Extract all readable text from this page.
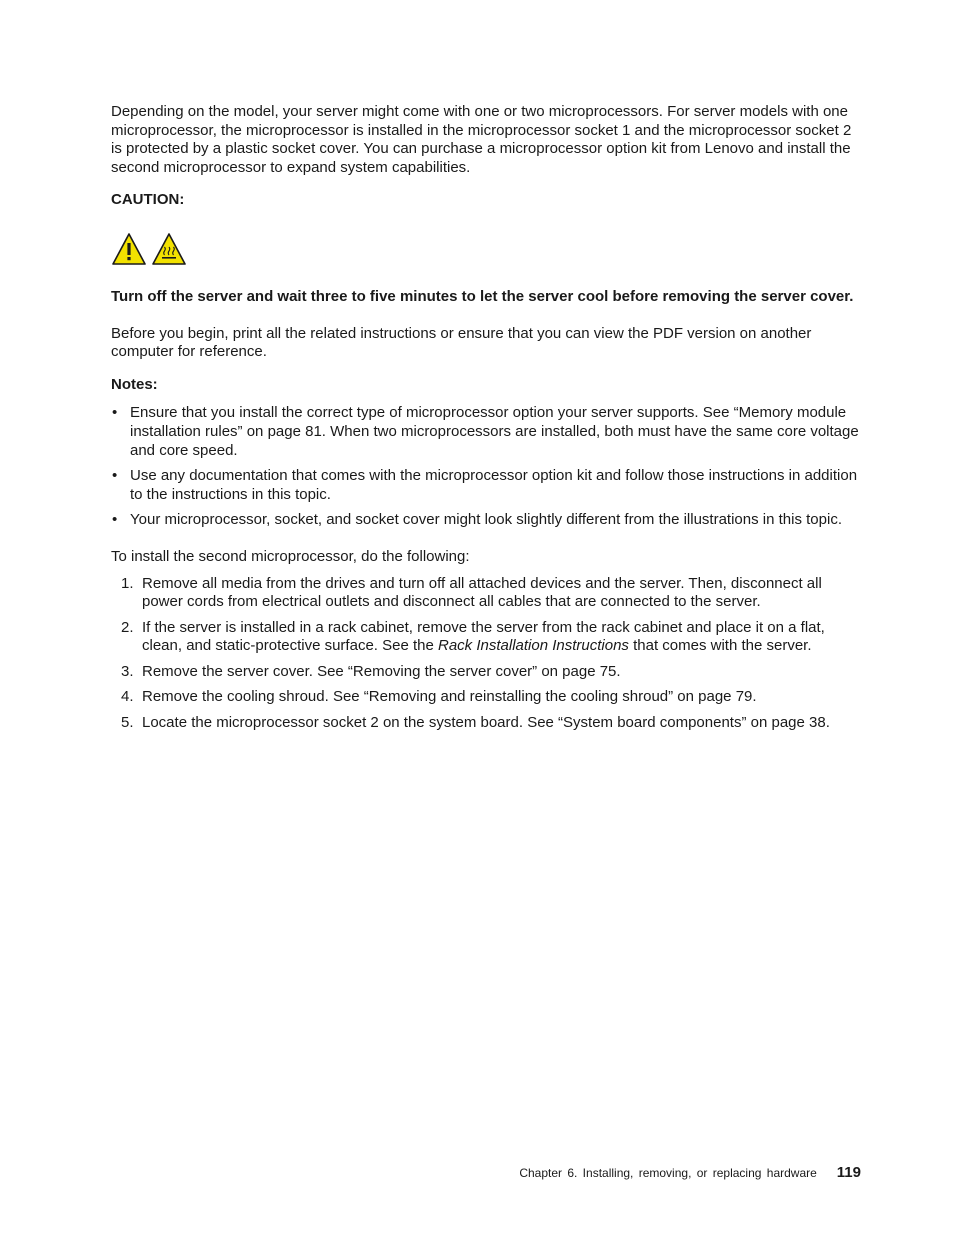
Depending on the model, your server might come with one or two microprocessors. For server models with one microprocessor, the microprocessor is installed in the microprocessor socket 1 and the microprocessor socket 2 is protected by a plastic socket cover. You can purchase a microprocessor option kit from Lenovo and install the second microprocessor to expand system capabilities.

CAUTION:

Turn off the server and wait three to five minutes to let the server cool before removing the server cover.

Before you begin, print all the related instructions or ensure that you can view the PDF version on another computer for reference.

Notes:

• Ensure that you install the correct type of microprocessor option your server supports. See “Memory module installation rules” on page 81. When two microprocessors are installed, both must have the same core voltage and core speed.
• Use any documentation that comes with the microprocessor option kit and follow those instructions in addition to the instructions in this topic.
• Your microprocessor, socket, and socket cover might look slightly different from the illustrations in this topic.

To install the second microprocessor, do the following:

1. Remove all media from the drives and turn off all attached devices and the server. Then, disconnect all power cords from electrical outlets and disconnect all cables that are connected to the server.
2. If the server is installed in a rack cabinet, remove the server from the rack cabinet and place it on a flat, clean, and static-protective surface. See the Rack Installation Instructions that comes with the server.
3. Remove the server cover. See “Removing the server cover” on page 75.
4. Remove the cooling shroud. See “Removing and reinstalling the cooling shroud” on page 79.
5. Locate the microprocessor socket 2 on the system board. See “System board components” on page 38.
Chapter 6. Installing, removing, or replacing hardware 119
